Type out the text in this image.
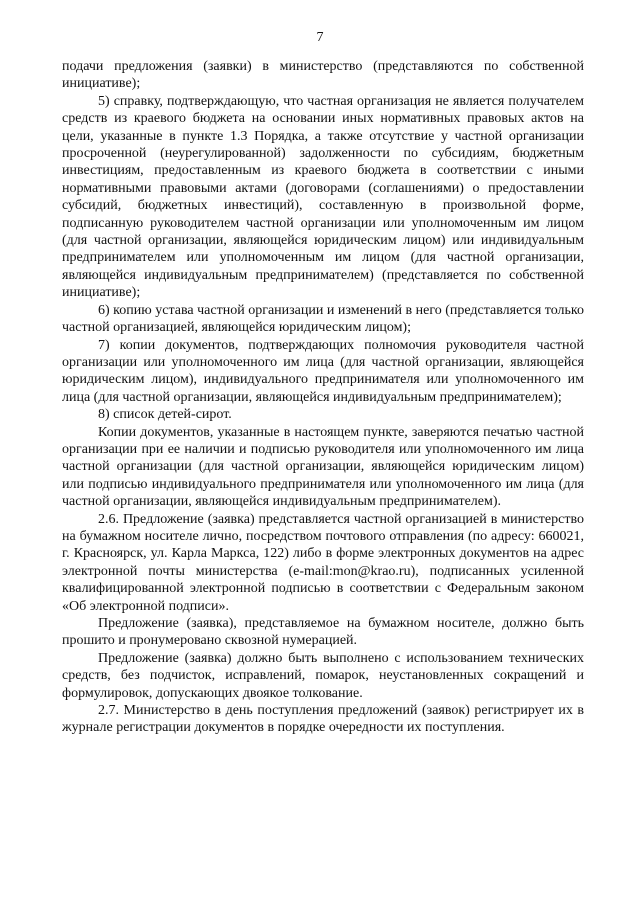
7

подачи предложения (заявки) в министерство (представляются по собственной инициативе);

5) справку, подтверждающую, что частная организация не является получателем средств из краевого бюджета на основании иных нормативных правовых актов на цели, указанные в пункте 1.3 Порядка, а также отсутствие у частной организации просроченной (неурегулированной) задолженности по субсидиям, бюджетным инвестициям, предоставленным из краевого бюджета в соответствии с иными нормативными правовыми актами (договорами (соглашениями) о предоставлении субсидий, бюджетных инвестиций), составленную в произвольной форме, подписанную руководителем частной организации или уполномоченным им лицом (для частной организации, являющейся юридическим лицом) или индивидуальным предпринимателем или уполномоченным им лицом (для частной организации, являющейся индивидуальным предпринимателем) (представляется по собственной инициативе);

6) копию устава частной организации и изменений в него (представляется только частной организацией, являющейся юридическим лицом);

7) копии документов, подтверждающих полномочия руководителя частной организации или уполномоченного им лица (для частной организации, являющейся юридическим лицом), индивидуального предпринимателя или уполномоченного им лица (для частной организации, являющейся индивидуальным предпринимателем);

8) список детей-сирот.

Копии документов, указанные в настоящем пункте, заверяются печатью частной организации при ее наличии и подписью руководителя или уполномоченного им лица частной организации (для частной организации, являющейся юридическим лицом) или подписью индивидуального предпринимателя или уполномоченного им лица (для частной организации, являющейся индивидуальным предпринимателем).

2.6. Предложение (заявка) представляется частной организацией в министерство на бумажном носителе лично, посредством почтового отправления (по адресу: 660021, г. Красноярск, ул. Карла Маркса, 122) либо в форме электронных документов на адрес электронной почты министерства (e-mail:mon@krao.ru), подписанных усиленной квалифицированной электронной подписью в соответствии с Федеральным законом «Об электронной подписи».

Предложение (заявка), представляемое на бумажном носителе, должно быть прошито и пронумеровано сквозной нумерацией.

Предложение (заявка) должно быть выполнено с использованием технических средств, без подчисток, исправлений, помарок, неустановленных сокращений и формулировок, допускающих двоякое толкование.

2.7. Министерство в день поступления предложений (заявок) регистрирует их в журнале регистрации документов в порядке очередности их поступления.
